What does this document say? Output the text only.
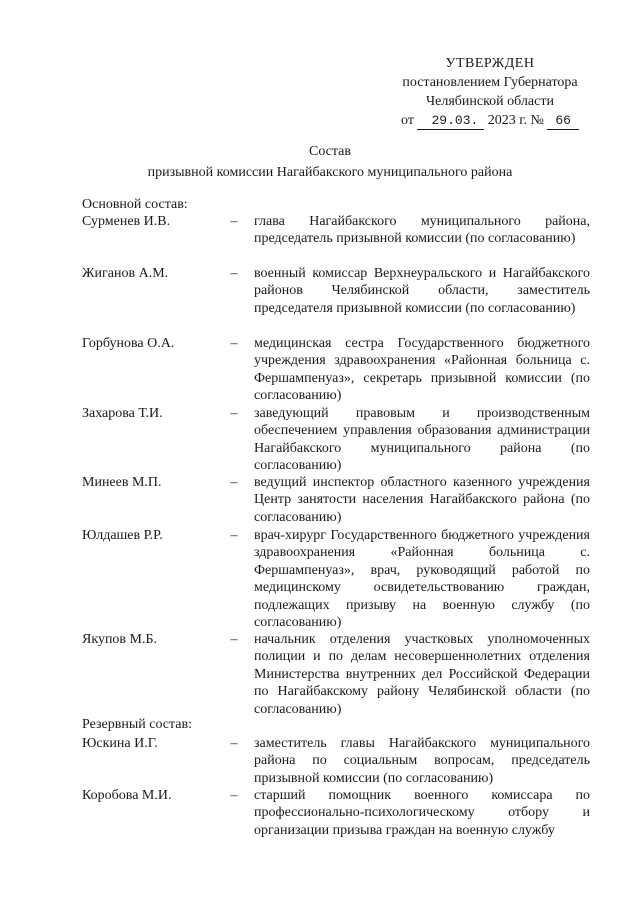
УТВЕРЖДЕН
постановлением Губернатора
Челябинской области
от 29.03. 2023 г. № 66
Состав
призывной комиссии Нагайбакского муниципального района
Основной состав:
Сурменев И.В.	– глава Нагайбакского муниципального района, председатель призывной комиссии (по согласованию)
Жиганов А.М.	– военный комиссар Верхнеуральского и Нагайбакского районов Челябинской области, заместитель председателя призывной комиссии (по согласованию)
Горбунова О.А.	– медицинская сестра Государственного бюджетного учреждения здравоохранения «Районная больница с. Фершампенуаз», секретарь призывной комиссии (по согласованию)
Захарова Т.И.	– заведующий правовым и производственным обеспечением управления образования администрации Нагайбакского муниципального района (по согласованию)
Минеев М.П.	– ведущий инспектор областного казенного учреждения Центр занятости населения Нагайбакского района (по согласованию)
Юлдашев Р.Р.	– врач-хирург Государственного бюджетного учреждения здравоохранения «Районная больница с. Фершампенуаз», врач, руководящий работой по медицинскому освидетельствованию граждан, подлежащих призыву на военную службу (по согласованию)
Якупов М.Б.	– начальник отделения участковых уполномоченных полиции и по делам несовершеннолетних отделения Министерства внутренних дел Российской Федерации по Нагайбакскому району Челябинской области (по согласованию)
Резервный состав:
Юскина И.Г.	– заместитель главы Нагайбакского муниципального района по социальным вопросам, председатель призывной комиссии (по согласованию)
Коробова М.И.	– старший помощник военного комиссара по профессионально-психологическому отбору и организации призыва граждан на военную службу
